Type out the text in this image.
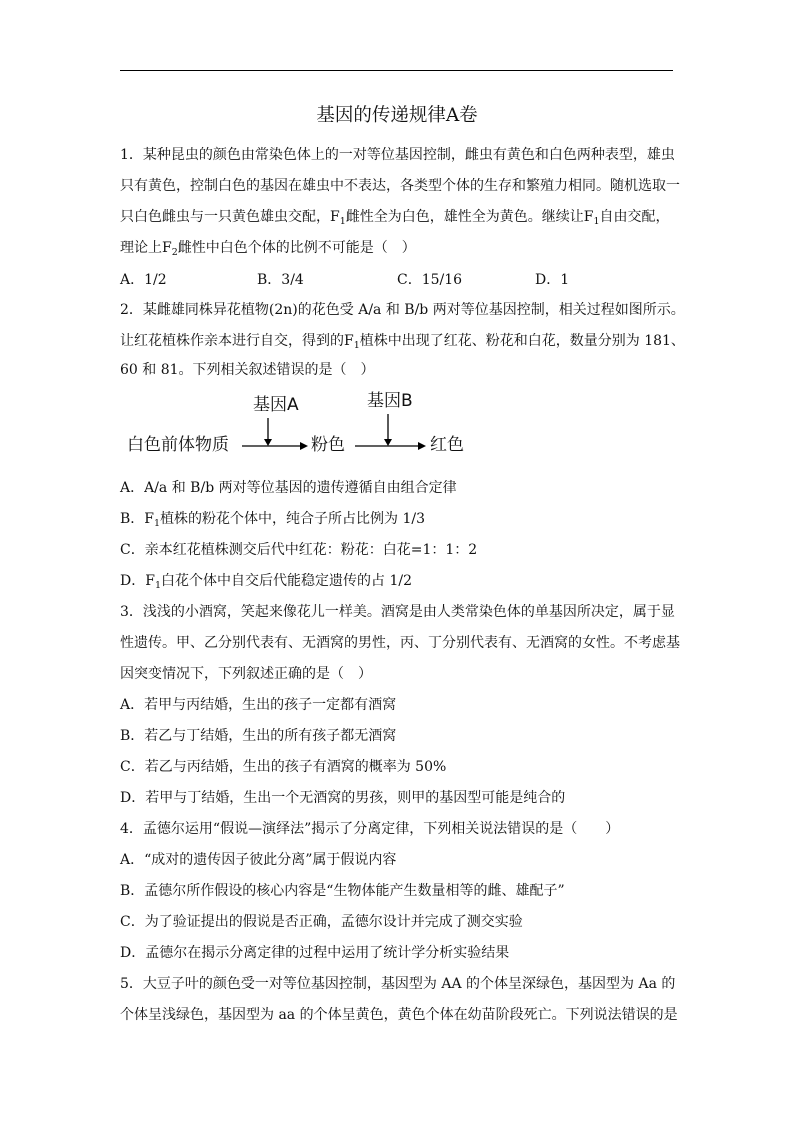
基因的传递规律A卷
1．某种昆虫的颜色由常染色体上的一对等位基因控制，雌虫有黄色和白色两种表型，雄虫
只有黄色，控制白色的基因在雄虫中不表达，各类型个体的生存和繁殖力相同。随机选取一
只白色雌虫与一只黄色雄虫交配，$F_1$雌性全为白色，雄性全为黄色。继续让$F_1$自由交配，
理论上$F_2$雌性中白色个体的比例不可能是（　）
A．1/2	B．3/4	C．15/16	D．1
2．某雌雄同株异花植物(2n)的花色受 A/a 和 B/b 两对等位基因控制，相关过程如图所示。
让红花植株作亲本进行自交，得到的$F_1$植株中出现了红花、粉花和白花，数量分别为 181、
60 和 81。下列相关叙述错误的是（　）
基因A	基因B
白色前体物质	粉色	红色
A．A/a 和 B/b 两对等位基因的遗传遵循自由组合定律
B．$F_1$植株的粉花个体中，纯合子所占比例为 1/3
C．亲本红花植株测交后代中红花：粉花：白花=1：1：2
D．$F_1$白花个体中自交后代能稳定遗传的占 1/2
3．浅浅的小酒窝，笑起来像花儿一样美。酒窝是由人类常染色体的单基因所决定，属于显
性遗传。甲、乙分别代表有、无酒窝的男性，丙、丁分别代表有、无酒窝的女性。不考虑基
因突变情况下，下列叙述正确的是（　）
A．若甲与丙结婚，生出的孩子一定都有酒窝
B．若乙与丁结婚，生出的所有孩子都无酒窝
C．若乙与丙结婚，生出的孩子有酒窝的概率为 50%
D．若甲与丁结婚，生出一个无酒窝的男孩，则甲的基因型可能是纯合的
4．孟德尔运用“假说—演绎法”揭示了分离定律，下列相关说法错误的是（　　）
A．“成对的遗传因子彼此分离”属于假说内容
B．孟德尔所作假设的核心内容是“生物体能产生数量相等的雌、雄配子”
C．为了验证提出的假说是否正确，孟德尔设计并完成了测交实验
D．孟德尔在揭示分离定律的过程中运用了统计学分析实验结果
5．大豆子叶的颜色受一对等位基因控制，基因型为 AA 的个体呈深绿色，基因型为 Aa 的
个体呈浅绿色，基因型为 aa 的个体呈黄色，黄色个体在幼苗阶段死亡。下列说法错误的是
